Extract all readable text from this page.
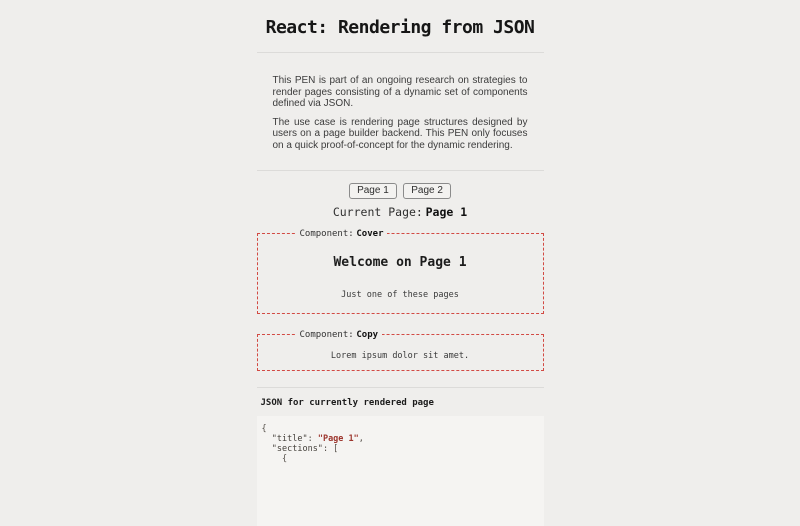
React: Rendering from JSON

This PEN is part of an ongoing research on strategies to render pages consisting of a dynamic set of components defined via JSON.

The use case is rendering page structures designed by users on a page builder backend. This PEN only focuses on a quick proof-of-concept for the dynamic rendering.

Page 1 Page 2
Current Page: Page 1
Component: Cover

Welcome on Page 1

Just one of these pages

Component: Copy

Lorem ipsum dolor sit amet.

JSON for currently rendered page
{
"title": "Page 1",
"sections": [
{
